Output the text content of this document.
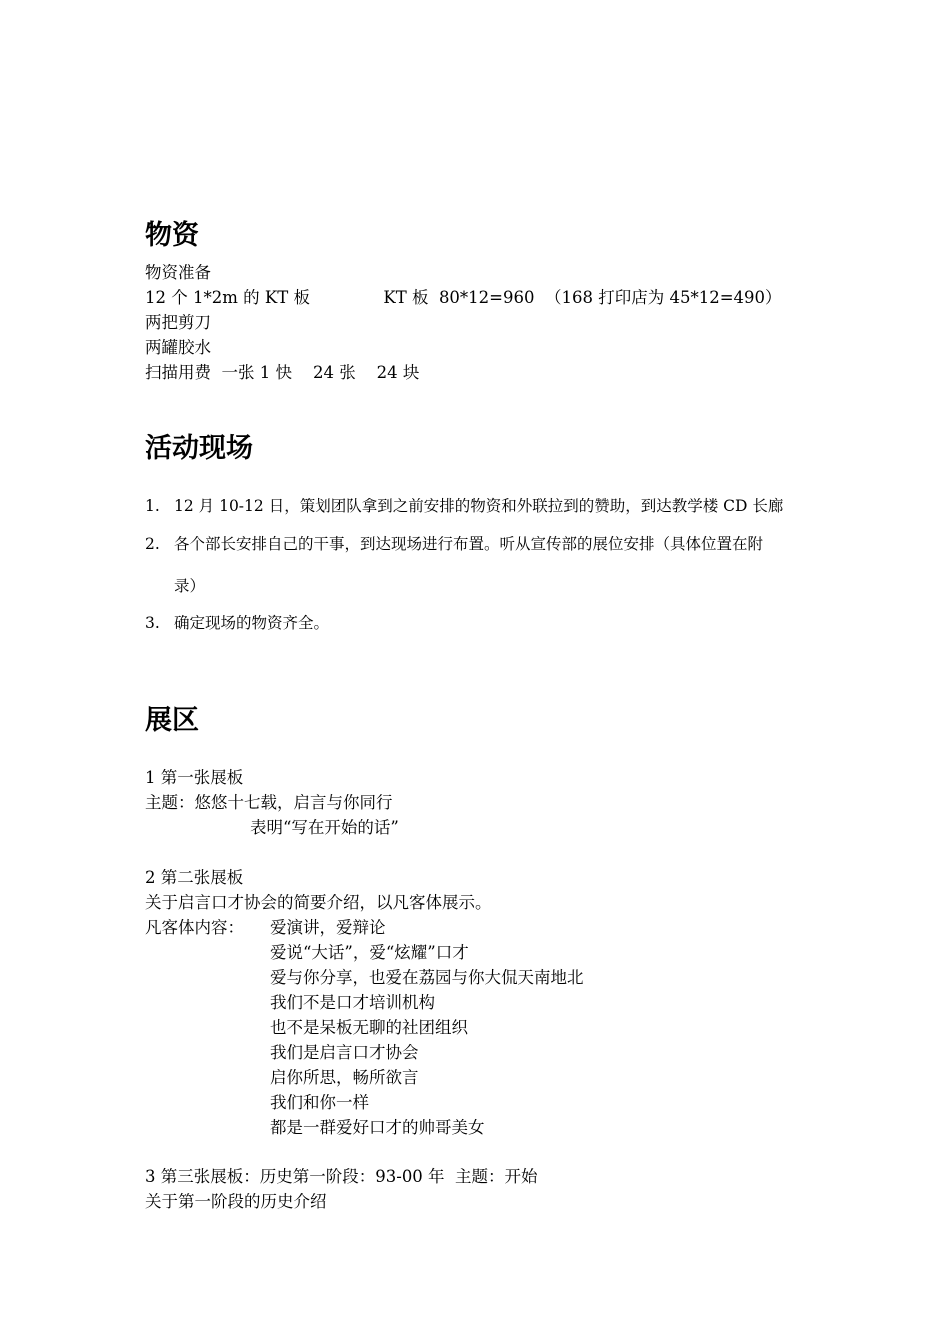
物资
物资准备
12 个 1*2m 的 KT 板              KT 板  80*12=960  （168 打印店为 45*12=490）
两把剪刀
两罐胶水
扫描用费  一张 1 快    24 张    24 块
活动现场
1. 12 月 10-12 日，策划团队拿到之前安排的物资和外联拉到的赞助，到达教学楼 CD 长廊
2. 各个部长安排自己的干事，到达现场进行布置。听从宣传部的展位安排（具体位置在附
录）
3. 确定现场的物资齐全。
展区
1 第一张展板
主题：悠悠十七载，启言与你同行
表明“写在开始的话”
2 第二张展板
关于启言口才协会的简要介绍，以凡客体展示。
凡客体内容： 爱演讲，爱辩论
爱说“大话”，爱“炫耀”口才
爱与你分享，也爱在荔园与你大侃天南地北
我们不是口才培训机构
也不是呆板无聊的社团组织
我们是启言口才协会
启你所思，畅所欲言
我们和你一样
都是一群爱好口才的帅哥美女
3 第三张展板：历史第一阶段：93-00 年  主题：开始
关于第一阶段的历史介绍
